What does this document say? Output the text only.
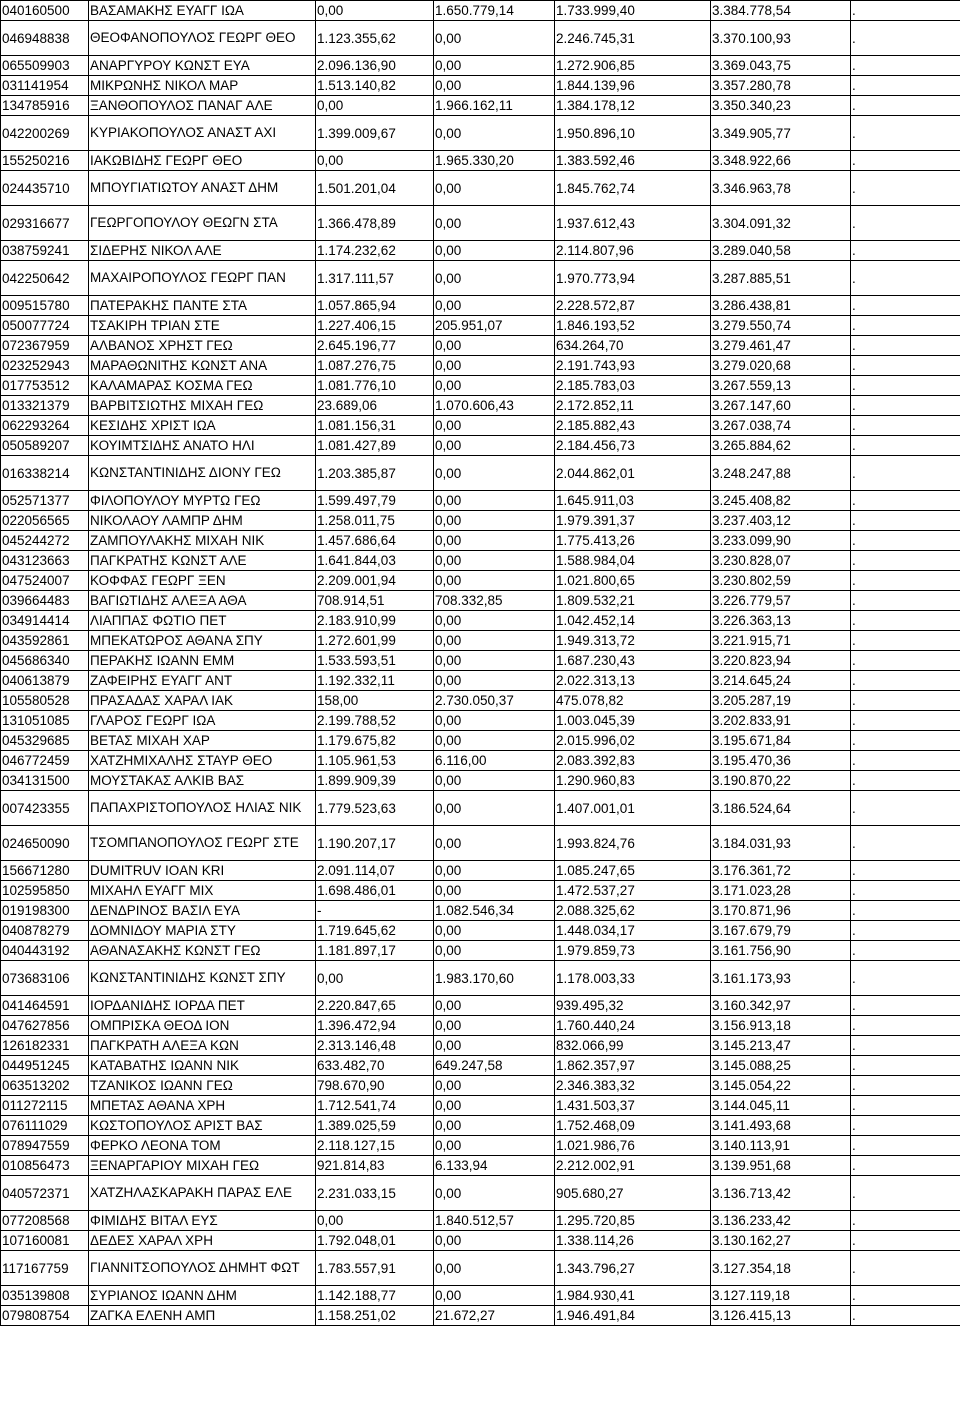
040160500	ΒΑΣΑΜΑΚΗΣ ΕΥΑΓΓ ΙΩΑ	0,00	1.650.779,14	1.733.999,40	3.384.778,54	.
046948838	ΘΕΟΦΑΝΟΠΟΥΛΟΣ ΓΕΩΡΓ ΘΕΟ	1.123.355,62	0,00	2.246.745,31	3.370.100,93	.
065509903	ΑΝΑΡΓΥΡΟΥ ΚΩΝΣΤ ΕΥΑ	2.096.136,90	0,00	1.272.906,85	3.369.043,75	.
031141954	ΜΙΚΡΩΝΗΣ ΝΙΚΟΛ ΜΑΡ	1.513.140,82	0,00	1.844.139,96	3.357.280,78	.
134785916	ΞΑΝΘΟΠΟΥΛΟΣ ΠΑΝΑΓ ΑΛΕ	0,00	1.966.162,11	1.384.178,12	3.350.340,23	.
042200269	ΚΥΡΙΑΚΟΠΟΥΛΟΣ ΑΝΑΣΤ ΑΧΙ	1.399.009,67	0,00	1.950.896,10	3.349.905,77	.
155250216	ΙΑΚΩΒΙΔΗΣ ΓΕΩΡΓ ΘΕΟ	0,00	1.965.330,20	1.383.592,46	3.348.922,66	.
024435710	ΜΠΟΥΓΙΑΤΙΩΤΟΥ ΑΝΑΣΤ ΔΗΜ	1.501.201,04	0,00	1.845.762,74	3.346.963,78	.
029316677	ΓΕΩΡΓΟΠΟΥΛΟΥ ΘΕΩΓΝ ΣΤΑ	1.366.478,89	0,00	1.937.612,43	3.304.091,32	.
038759241	ΣΙΔΕΡΗΣ ΝΙΚΟΛ ΑΛΕ	1.174.232,62	0,00	2.114.807,96	3.289.040,58	.
042250642	ΜΑΧΑΙΡΟΠΟΥΛΟΣ ΓΕΩΡΓ ΠΑΝ	1.317.111,57	0,00	1.970.773,94	3.287.885,51	.
009515780	ΠΑΤΕΡΑΚΗΣ ΠΑΝΤΕ ΣΤΑ	1.057.865,94	0,00	2.228.572,87	3.286.438,81	.
050077724	ΤΣΑΚΙΡΗ ΤΡΙΑΝ ΣΤΕ	1.227.406,15	205.951,07	1.846.193,52	3.279.550,74	.
072367959	ΑΛΒΑΝΟΣ ΧΡΗΣΤ ΓΕΩ	2.645.196,77	0,00	634.264,70	3.279.461,47	.
023252943	ΜΑΡΑΘΩΝΙΤΗΣ ΚΩΝΣΤ ΑΝΑ	1.087.276,75	0,00	2.191.743,93	3.279.020,68	.
017753512	ΚΑΛΑΜΑΡΑΣ ΚΟΣΜΑ ΓΕΩ	1.081.776,10	0,00	2.185.783,03	3.267.559,13	.
013321379	ΒΑΡΒΙΤΣΙΩΤΗΣ ΜΙΧΑΗ ΓΕΩ	23.689,06	1.070.606,43	2.172.852,11	3.267.147,60	.
062293264	ΚΕΣΙΔΗΣ ΧΡΙΣΤ ΙΩΑ	1.081.156,31	0,00	2.185.882,43	3.267.038,74	.
050589207	ΚΟΥΙΜΤΣΙΔΗΣ ΑΝΑΤΟ ΗΛΙ	1.081.427,89	0,00	2.184.456,73	3.265.884,62	.
016338214	ΚΩΝΣΤΑΝΤΙΝΙΔΗΣ ΔΙΟΝΥ ΓΕΩ	1.203.385,87	0,00	2.044.862,01	3.248.247,88	.
052571377	ΦΙΛΟΠΟΥΛΟΥ ΜΥΡΤΩ ΓΕΩ	1.599.497,79	0,00	1.645.911,03	3.245.408,82	.
022056565	ΝΙΚΟΛΑΟΥ ΛΑΜΠΡ ΔΗΜ	1.258.011,75	0,00	1.979.391,37	3.237.403,12	.
045244272	ΖΑΜΠΟΥΛΑΚΗΣ ΜΙΧΑΗ ΝΙΚ	1.457.686,64	0,00	1.775.413,26	3.233.099,90	.
043123663	ΠΑΓΚΡΑΤΗΣ ΚΩΝΣΤ ΑΛΕ	1.641.844,03	0,00	1.588.984,04	3.230.828,07	.
047524007	ΚΟΦΦΑΣ ΓΕΩΡΓ ΞΕΝ	2.209.001,94	0,00	1.021.800,65	3.230.802,59	.
039664483	ΒΑΓΙΩΤΙΔΗΣ ΑΛΕΞΑ ΑΘΑ	708.914,51	708.332,85	1.809.532,21	3.226.779,57	.
034914414	ΛΙΑΠΠΑΣ ΦΩΤΙΟ ΠΕΤ	2.183.910,99	0,00	1.042.452,14	3.226.363,13	.
043592861	ΜΠΕΚΑΤΩΡΟΣ ΑΘΑΝΑ ΣΠΥ	1.272.601,99	0,00	1.949.313,72	3.221.915,71	.
045686340	ΠΕΡΑΚΗΣ ΙΩΑΝΝ ΕΜΜ	1.533.593,51	0,00	1.687.230,43	3.220.823,94	.
040613879	ΖΑΦΕΙΡΗΣ ΕΥΑΓΓ ΑΝΤ	1.192.332,11	0,00	2.022.313,13	3.214.645,24	.
105580528	ΠΡΑΣΑΔΑΣ ΧΑΡΑΛ ΙΑΚ	158,00	2.730.050,37	475.078,82	3.205.287,19	.
131051085	ΓΛΑΡΟΣ ΓΕΩΡΓ ΙΩΑ	2.199.788,52	0,00	1.003.045,39	3.202.833,91	.
045329685	ΒΕΤΑΣ ΜΙΧΑΗ ΧΑΡ	1.179.675,82	0,00	2.015.996,02	3.195.671,84	.
046772459	ΧΑΤΖΗΜΙΧΑΛΗΣ ΣΤΑΥΡ ΘΕΟ	1.105.961,53	6.116,00	2.083.392,83	3.195.470,36	.
034131500	ΜΟΥΣΤΑΚΑΣ ΑΛΚΙΒ ΒΑΣ	1.899.909,39	0,00	1.290.960,83	3.190.870,22	.
007423355	ΠΑΠΑΧΡΙΣΤΟΠΟΥΛΟΣ ΗΛΙΑΣ ΝΙΚ	1.779.523,63	0,00	1.407.001,01	3.186.524,64	.
024650090	ΤΣΟΜΠΑΝΟΠΟΥΛΟΣ ΓΕΩΡΓ ΣΤΕ	1.190.207,17	0,00	1.993.824,76	3.184.031,93	.
156671280	DUMITRUV IOAN KRI	2.091.114,07	0,00	1.085.247,65	3.176.361,72	.
102595850	ΜΙΧΑΗΛ ΕΥΑΓΓ ΜΙΧ	1.698.486,01	0,00	1.472.537,27	3.171.023,28	.
019198300	ΔΕΝΔΡΙΝΟΣ ΒΑΣΙΛ ΕΥΑ	-	1.082.546,34	2.088.325,62	3.170.871,96	.
040878279	ΔΟΜΝΙΔΟΥ ΜΑΡΙΑ ΣΤΥ	1.719.645,62	0,00	1.448.034,17	3.167.679,79	.
040443192	ΑΘΑΝΑΣΑΚΗΣ ΚΩΝΣΤ ΓΕΩ	1.181.897,17	0,00	1.979.859,73	3.161.756,90	.
073683106	ΚΩΝΣΤΑΝΤΙΝΙΔΗΣ ΚΩΝΣΤ ΣΠΥ	0,00	1.983.170,60	1.178.003,33	3.161.173,93	.
041464591	ΙΟΡΔΑΝΙΔΗΣ ΙΟΡΔΑ ΠΕΤ	2.220.847,65	0,00	939.495,32	3.160.342,97	.
047627856	ΟΜΠΡΙΣΚΑ ΘΕΟΔ ΙΟΝ	1.396.472,94	0,00	1.760.440,24	3.156.913,18	.
126182331	ΠΑΓΚΡΑΤΗ ΑΛΕΞΑ ΚΩΝ	2.313.146,48	0,00	832.066,99	3.145.213,47	.
044951245	ΚΑΤΑΒΑΤΗΣ ΙΩΑΝΝ ΝΙΚ	633.482,70	649.247,58	1.862.357,97	3.145.088,25	.
063513202	ΤΖΑΝΙΚΟΣ ΙΩΑΝΝ ΓΕΩ	798.670,90	0,00	2.346.383,32	3.145.054,22	.
011272115	ΜΠΕΤΑΣ ΑΘΑΝΑ ΧΡΗ	1.712.541,74	0,00	1.431.503,37	3.144.045,11	.
076111029	ΚΩΣΤΟΠΟΥΛΟΣ ΑΡΙΣΤ ΒΑΣ	1.389.025,59	0,00	1.752.468,09	3.141.493,68	.
078947559	ΦΕΡΚΟ ΛΕΟΝΑ ΤΟΜ	2.118.127,15	0,00	1.021.986,76	3.140.113,91	.
010856473	ΞΕΝΑΡΓΑΡΙΟΥ ΜΙΧΑΗ ΓΕΩ	921.814,83	6.133,94	2.212.002,91	3.139.951,68	.
040572371	ΧΑΤΖΗΛΑΣΚΑΡΑΚΗ ΠΑΡΑΣ ΕΛΕ	2.231.033,15	0,00	905.680,27	3.136.713,42	.
077208568	ΦΙΜΙΔΗΣ ΒΙΤΑΛ ΕΥΣ	0,00	1.840.512,57	1.295.720,85	3.136.233,42	.
107160081	ΔΕΔΕΣ ΧΑΡΑΛ ΧΡΗ	1.792.048,01	0,00	1.338.114,26	3.130.162,27	.
117167759	ΓΙΑΝΝΙΤΣΟΠΟΥΛΟΣ ΔΗΜΗΤ ΦΩΤ	1.783.557,91	0,00	1.343.796,27	3.127.354,18	.
035139808	ΣΥΡΙΑΝΟΣ ΙΩΑΝΝ ΔΗΜ	1.142.188,77	0,00	1.984.930,41	3.127.119,18	.
079808754	ΖΑΓΚΑ ΕΛΕΝΗ ΑΜΠ	1.158.251,02	21.672,27	1.946.491,84	3.126.415,13	.
